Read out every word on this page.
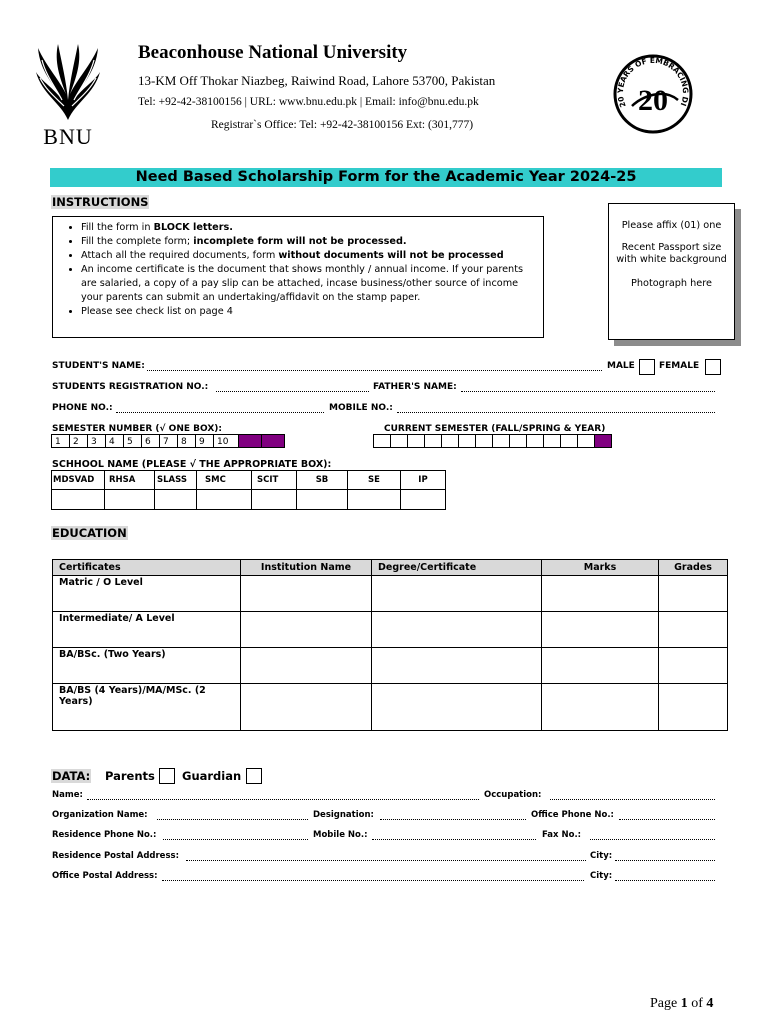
BNU
Beaconhouse National University
13-KM Off Thokar Niazbeg, Raiwind Road, Lahore 53700, Pakistan
Tel: +92-42-38100156 | URL: www.bnu.edu.pk | Email: info@bnu.edu.pk
Registrar`s Office: Tel: +92-42-38100156 Ext: (301,777)
20 YEARS OF EMBRACING DI
20
Need Based Scholarship Form for the Academic Year 2024-25
INSTRUCTIONS
• Fill the form in BLOCK letters.
• Fill the complete form; incomplete form will not be processed.
• Attach all the required documents, form without documents will not be processed
• An income certificate is the document that shows monthly / annual income. If your parents are salaried, a copy of a pay slip can be attached, incase business/other source of income your parents can submit an undertaking/affidavit on the stamp paper.
• Please see check list on page 4
Please affix (01) one
Recent Passport size with white background
Photograph here
STUDENT'S NAME:	MALE	FEMALE
STUDENTS REGISTRATION NO.:	FATHER'S NAME:
PHONE NO.:	MOBILE NO.:
SEMESTER NUMBER (√ ONE BOX):
1	2	3	4	5	6	7	8	9	10
CURRENT SEMESTER (FALL/SPRING & YEAR)
SCHHOOL NAME (PLEASE √ THE APPROPRIATE BOX):
MDSVAD	RHSA	SLASS	SMC	SCIT	SB	SE	IP

EDUCATION
Certificates	Institution Name	Degree/Certificate	Marks	Grades
Matric / O Level				
Intermediate/ A Level				
BA/BSc. (Two Years)				
BA/BS (4 Years)/MA/MSc. (2 Years)				
DATA: Parents Guardian
Name:	Occupation:
Organization Name:	Designation:	Office Phone No.:
Residence Phone No.:	Mobile No.:	Fax No.:
Residence Postal Address:	City:
Office Postal Address:	City:
Page 1 of 4
